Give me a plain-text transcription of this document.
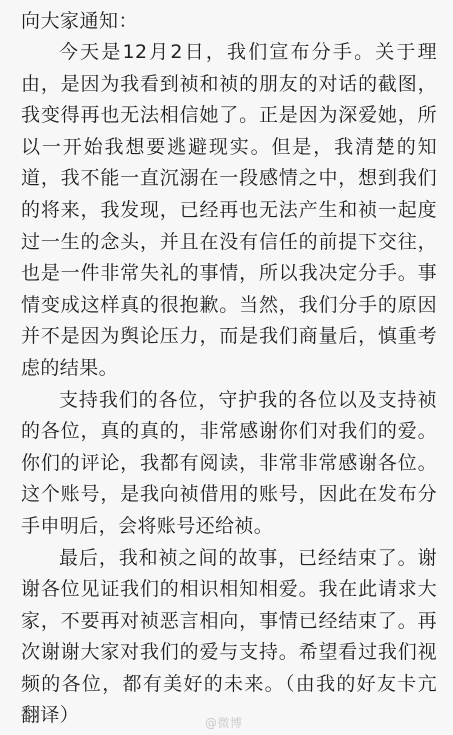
向大家通知：

今天是12月2日，我们宣布分手。关于理由，是因为我看到祯和祯的朋友的对话的截图，我变得再也无法相信她了。正是因为深爱她，所以一开始我想要逃避现实。但是，我清楚的知道，我不能一直沉溺在一段感情之中，想到我们的将来，我发现，已经再也无法产生和祯一起度过一生的念头，并且在没有信任的前提下交往，也是一件非常失礼的事情，所以我决定分手。事情变成这样真的很抱歉。当然，我们分手的原因并不是因为舆论压力，而是我们商量后，慎重考虑的结果。

支持我们的各位，守护我的各位以及支持祯的各位，真的真的，非常感谢你们对我们的爱。你们的评论，我都有阅读，非常非常感谢各位。这个账号，是我向祯借用的账号，因此在发布分手申明后，会将账号还给祯。

最后，我和祯之间的故事，已经结束了。谢谢各位见证我们的相识相知相爱。我在此请求大家，不要再对祯恶言相向，事情已经结束了。再次谢谢大家对我们的爱与支持。希望看过我们视频的各位，都有美好的未来。（由我的好友卡亢翻译）	@微博
